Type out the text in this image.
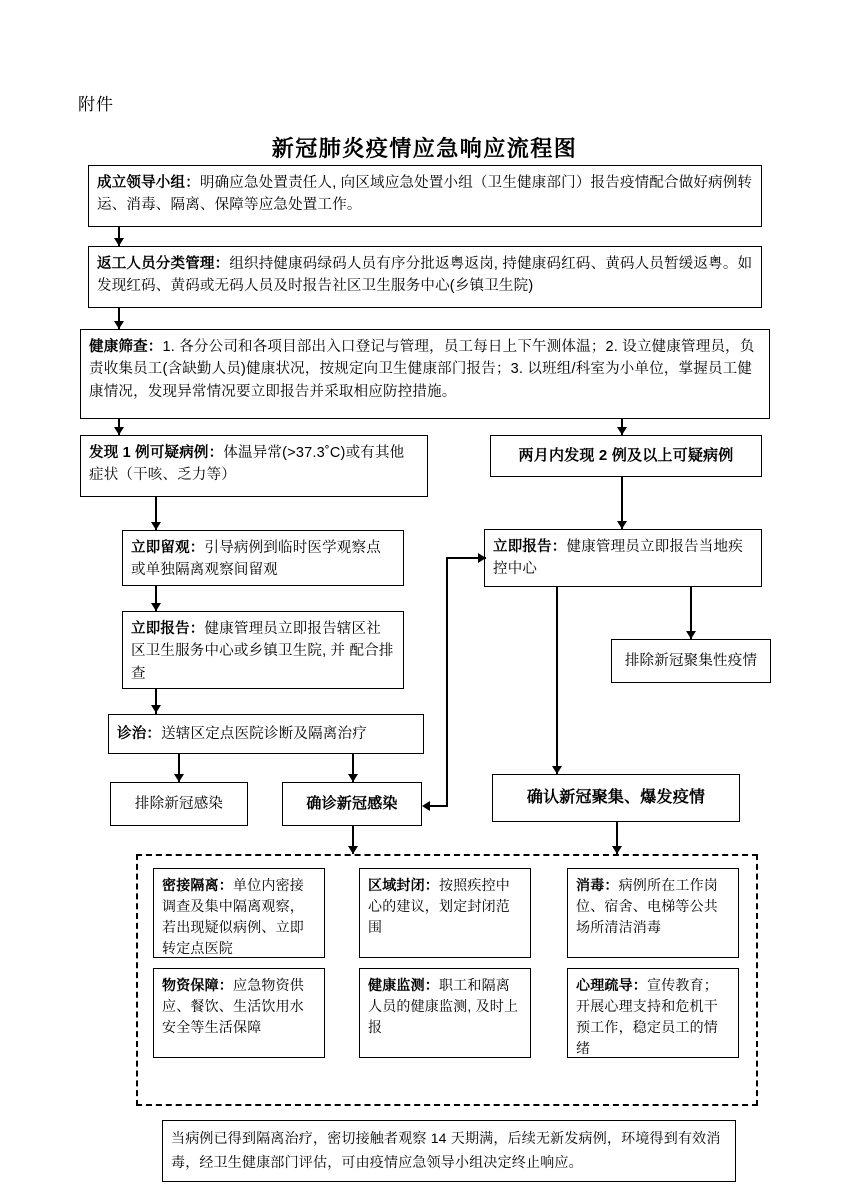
附件
新冠肺炎疫情应急响应流程图
成立领导小组：明确应急处置责任人, 向区域应急处置小组（卫生健康部门）报告疫情配合做好病例转运、消毒、隔离、保障等应急处置工作。
返工人员分类管理：组织持健康码绿码人员有序分批返粤返岗, 持健康码红码、黄码人员暂缓返粤。如发现红码、黄码或无码人员及时报告社区卫生服务中心(乡镇卫生院)
健康筛查：1. 各分公司和各项目部出入口登记与管理，员工每日上下午测体温；2. 设立健康管理员，负责收集员工(含缺勤人员)健康状况，按规定向卫生健康部门报告；3. 以班组/科室为小单位，掌握员工健康情况，发现异常情况要立即报告并采取相应防控措施。
发现 1 例可疑病例：体温异常(>37.3˚C)或有其他症状（干咳、乏力等）
两月内发现 2 例及以上可疑病例
立即留观：引导病例到临时医学观察点或单独隔离观察间留观
立即报告：健康管理员立即报告辖区社区卫生服务中心或乡镇卫生院, 并 配合排查
立即报告：健康管理员立即报告当地疾控中心
排除新冠聚集性疫情
诊治：送辖区定点医院诊断及隔离治疗
排除新冠感染	确诊新冠感染	确认新冠聚集、爆发疫情
密接隔离：单位内密接调查及集中隔离观察，若出现疑似病例、立即转定点医院
区域封闭：按照疾控中心的建议，划定封闭范围
消毒：病例所在工作岗位、宿舍、电梯等公共场所清洁消毒
物资保障：应急物资供应、餐饮、生活饮用水安全等生活保障
健康监测：职工和隔离人员的健康监测, 及时上报
心理疏导：宣传教育；开展心理支持和危机干预工作，稳定员工的情绪
当病例已得到隔离治疗，密切接触者观察 14 天期满，后续无新发病例，环境得到有效消毒，经卫生健康部门评估，可由疫情应急领导小组决定终止响应。
